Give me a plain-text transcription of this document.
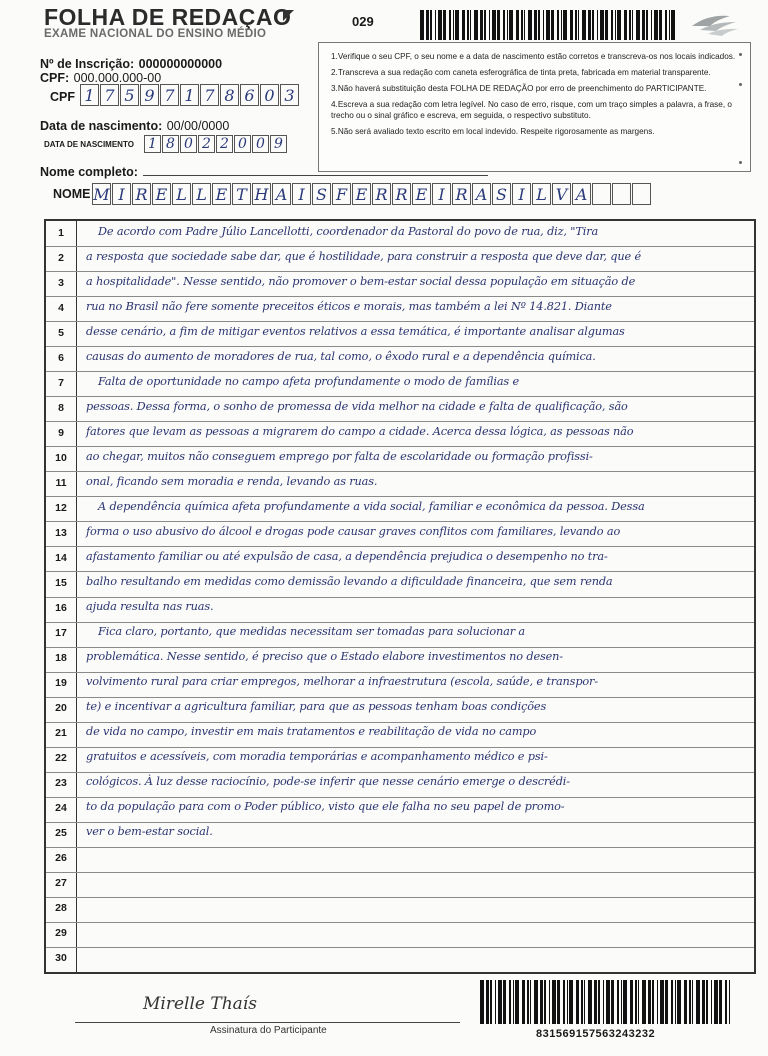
FOLHA DE REDAÇAO
EXAME NACIONAL DO ENSINO MÉDIO
029
Nº de Inscrição: 000000000000
CPF: 000.000.000-00
CPF 1 7 5 9 7 1 7 8 6 0 3
Data de nascimento: 00/00/0000
DATA DE NASCIMENTO 1 8 0 2 2 0 0 9
1.Verifique o seu CPF, o seu nome e a data de nascimento estão corretos e transcreva-os nos locais indicados.
2.Transcreva a sua redação com caneta esferográfica de tinta preta, fabricada em material transparente.
3.Não haverá substituição desta FOLHA DE REDAÇÃO por erro de preenchimento do PARTICIPANTE.
4.Escreva a sua redação com letra legível. No caso de erro, risque, com um traço simples a palavra, a frase, o trecho ou o sinal gráfico e escreva, em seguida, o respectivo substituto.
5.Não será avaliado texto escrito em local indevido. Respeite rigorosamente as margens.
Nome completo:
NOME M I R E L L E T H A I S F E R R E I R A S I L V A
1	De acordo com Padre Júlio Lancellotti, coordenador da Pastoral do povo de rua, diz, "Tira
2	a resposta que sociedade sabe dar, que é hostilidade, para construir a resposta que deve dar, que é
3	a hospitalidade". Nesse sentido, não promover o bem-estar social dessa população em situação de
4	rua no Brasil não fere somente preceitos éticos e morais, mas também a lei Nº 14.821. Diante
5	desse cenário, a fim de mitigar eventos relativos a essa temática, é importante analisar algumas
6	causas do aumento de moradores de rua, tal como, o êxodo rural e a dependência química.
7	Falta de oportunidade no campo afeta profundamente o modo de famílias e
8	pessoas. Dessa forma, o sonho de promessa de vida melhor na cidade e falta de qualificação, são
9	fatores que levam as pessoas a migrarem do campo a cidade. Acerca dessa lógica, as pessoas não
10	ao chegar, muitos não conseguem emprego por falta de escolaridade ou formação profissi-
11	onal, ficando sem moradia e renda, levando as ruas.
12	A dependência química afeta profundamente a vida social, familiar e econômica da pessoa. Dessa
13	forma o uso abusivo do álcool e drogas pode causar graves conflitos com familiares, levando ao
14	afastamento familiar ou até expulsão de casa, a dependência prejudica o desempenho no tra-
15	balho resultando em medidas como demissão levando a dificuldade financeira, que sem renda
16	ajuda resulta nas ruas.
17	Fica claro, portanto, que medidas necessitam ser tomadas para solucionar a
18	problemática. Nesse sentido, é preciso que o Estado elabore investimentos no desen-
19	volvimento rural para criar empregos, melhorar a infraestrutura (escola, saúde, e transpor-
20	te) e incentivar a agricultura familiar, para que as pessoas tenham boas condições
21	de vida no campo, investir em mais tratamentos e reabilitação de vida no campo
22	gratuitos e acessíveis, com moradia temporárias e acompanhamento médico e psi-
23	cológicos. À luz desse raciocínio, pode-se inferir que nesse cenário emerge o descrédi-
24	to da população para com o Poder público, visto que ele falha no seu papel de promo-
25	ver o bem-estar social.
26
27
28
29
30
Mirelle Thaís
Assinatura do Participante	831569157563243232
